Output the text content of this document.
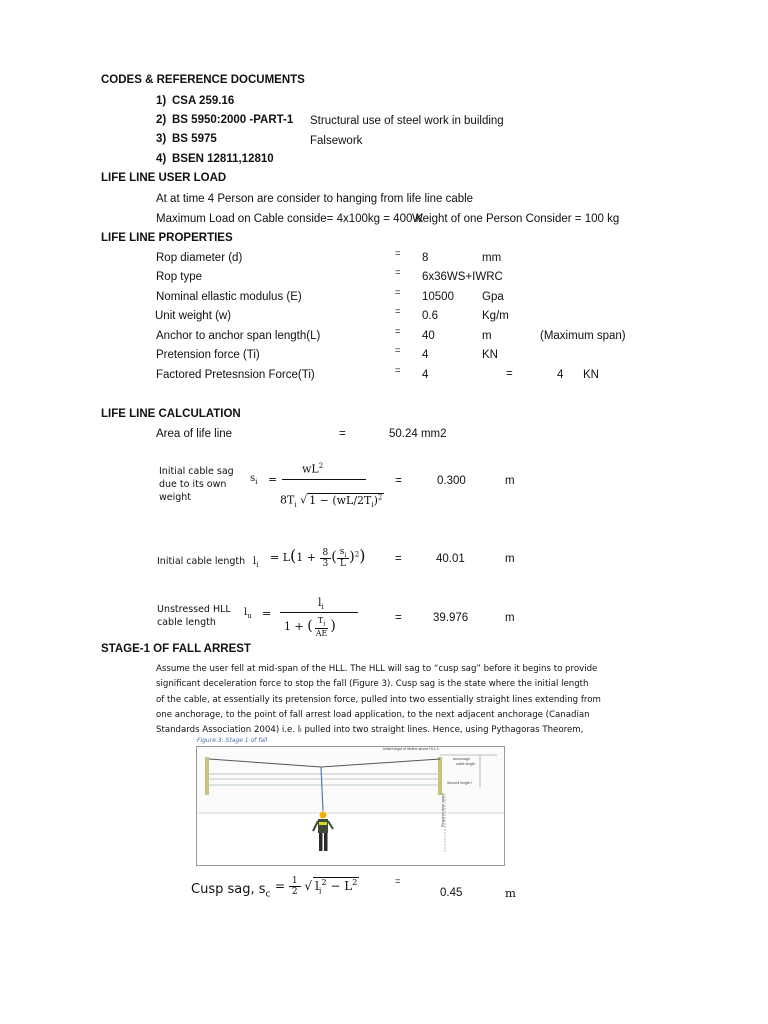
CODES & REFERENCE DOCUMENTS
1) CSA 259.16
2) BS 5950:2000 -PART-1 Structural use of steel work in building
3) BS 5975	Falsework
4) BSEN 12811,12810
LIFE LINE USER LOAD
At at time 4 Person are consider to hanging from life line cable
Maximum Load on Cable conside= 4x100kg = 400 K
Weight of one Person Consider = 100 kg
LIFE LINE PROPERTIES
Rop diameter (d)	= 8	mm
Rop type	= 6x36WS+IWRC
Nominal ellastic modulus (E)	= 10500 Gpa
Unit weight (w)	= 0.6	Kg/m
Anchor to anchor span length(L)	= 40	m	(Maximum span)
Pretension force (Ti)	= 4	KN
Factored Pretesnsion Force(Ti)	= 4	=	4 KN
LIFE LINE CALCULATION
Area of life line	=	50.24 mm2
Initial cable sag
due to its own
weight
$s_i$ =
$wL^2$
$8T_i$ √ $1 - (wL/2T_i)^2$
=	0.300	m
Initial cable length $l_i$
= $L(1 + \frac{8}{3}$ ( $\frac{s_i}{L} )^2$)	=	40.01	m
Unstressed HLL
cable length
$l_u$ =
$l_i$
1 + ( $\frac{T_i}{AE}$ )	=	39.976	m
STAGE-1 OF FALL ARREST
Assume the user fell at mid-span of the HLL. The HLL will sag to “cusp sag” before it begins to provide
significant deceleration force to stop the fall (Figure 3). Cusp sag is the state where the initial length
of the cable, at essentially its pretension force, pulled into two essentially straight lines extending from
one anchorage, to the point of fall arrest load application, to the next adjacent anchorage (Canadian
Standards Association 2004) i.e. lᵢ pulled into two straight lines. Hence, using Pythagoras Theorem,
Figure 3: Stage 1 of fall
Initial height of lifeline above HLL h
anchorage
cable length
Second length l
Required clear space
Cusp sag, $s_c$
= $\frac{1}{2}$ √ $l_i^2 - L^2$	=
0.45	m
